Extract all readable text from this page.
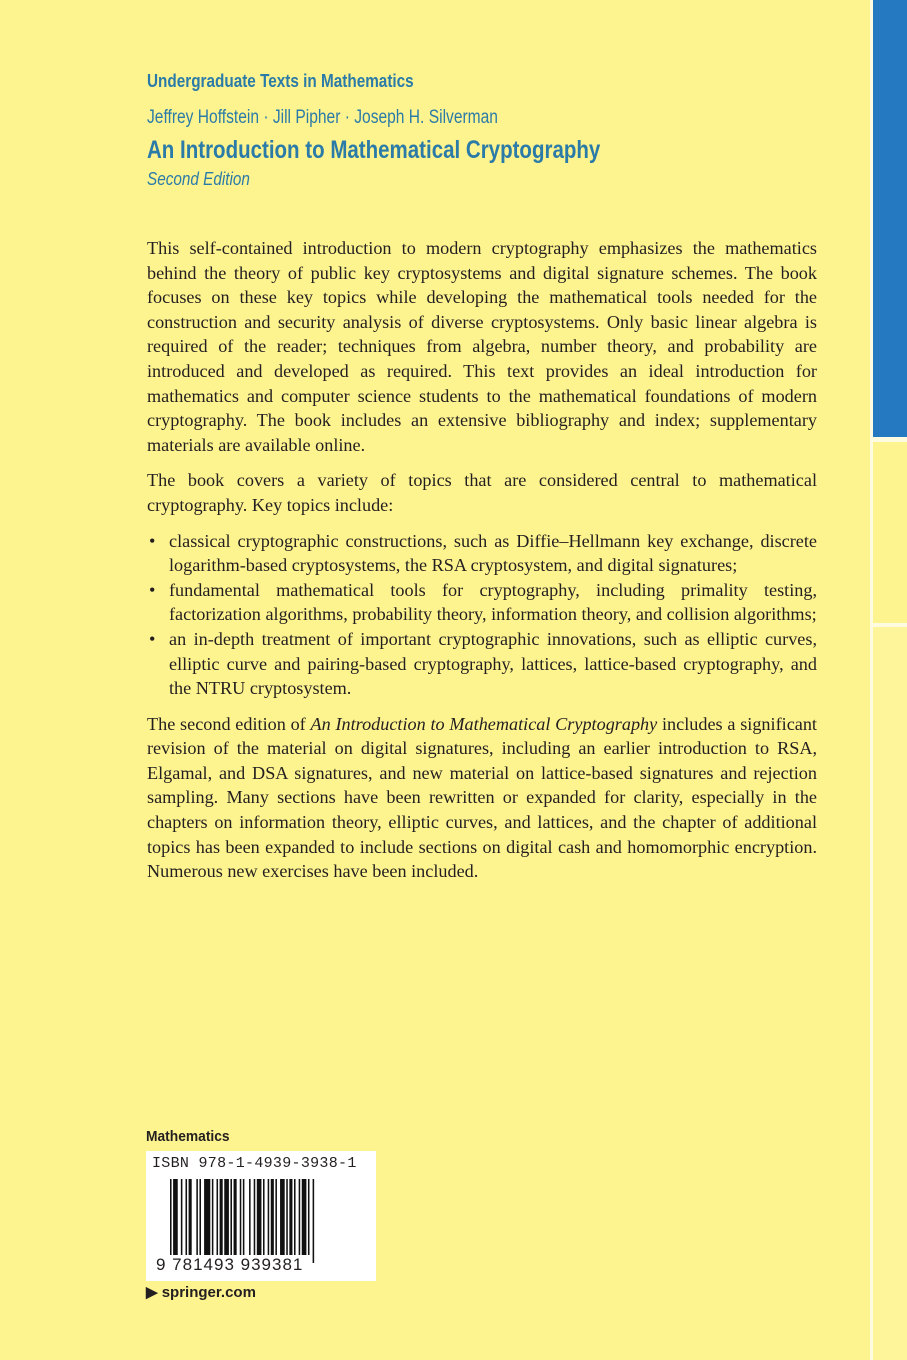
Undergraduate Texts in Mathematics
Jeffrey Hoffstein · Jill Pipher · Joseph H. Silverman
An Introduction to Mathematical Cryptography
Second Edition

This self-contained introduction to modern cryptography emphasizes the mathematics behind the theory of public key cryptosystems and digital signature schemes. The book focuses on these key topics while developing the mathematical tools needed for the construction and security analysis of diverse cryptosystems. Only basic linear algebra is required of the reader; techniques from algebra, number theory, and probability are introduced and developed as required. This text provides an ideal introduction for mathematics and computer science students to the mathematical foundations of modern cryptography. The book includes an extensive bibliography and index; supplementary materials are available online.

The book covers a variety of topics that are considered central to mathematical cryptography. Key topics include:

• classical cryptographic constructions, such as Diffie–Hellmann key exchange, discrete logarithm-based cryptosystems, the RSA cryptosystem, and digital signatures;
• fundamental mathematical tools for cryptography, including primality testing, factorization algorithms, probability theory, information theory, and collision algorithms;
• an in-depth treatment of important cryptographic innovations, such as elliptic curves, elliptic curve and pairing-based cryptography, lattices, lattice-based cryptography, and the NTRU cryptosystem.

The second edition of An Introduction to Mathematical Cryptography includes a significant revision of the material on digital signatures, including an earlier introduction to RSA, Elgamal, and DSA signatures, and new material on lattice-based signatures and rejection sampling. Many sections have been rewritten or expanded for clarity, especially in the chapters on information theory, elliptic curves, and lattices, and the chapter of additional topics has been expanded to include sections on digital cash and homomorphic encryption. Numerous new exercises have been included.

Mathematics
ISBN 978-1-4939-3938-1
9 781493 939381
▶ springer.com
